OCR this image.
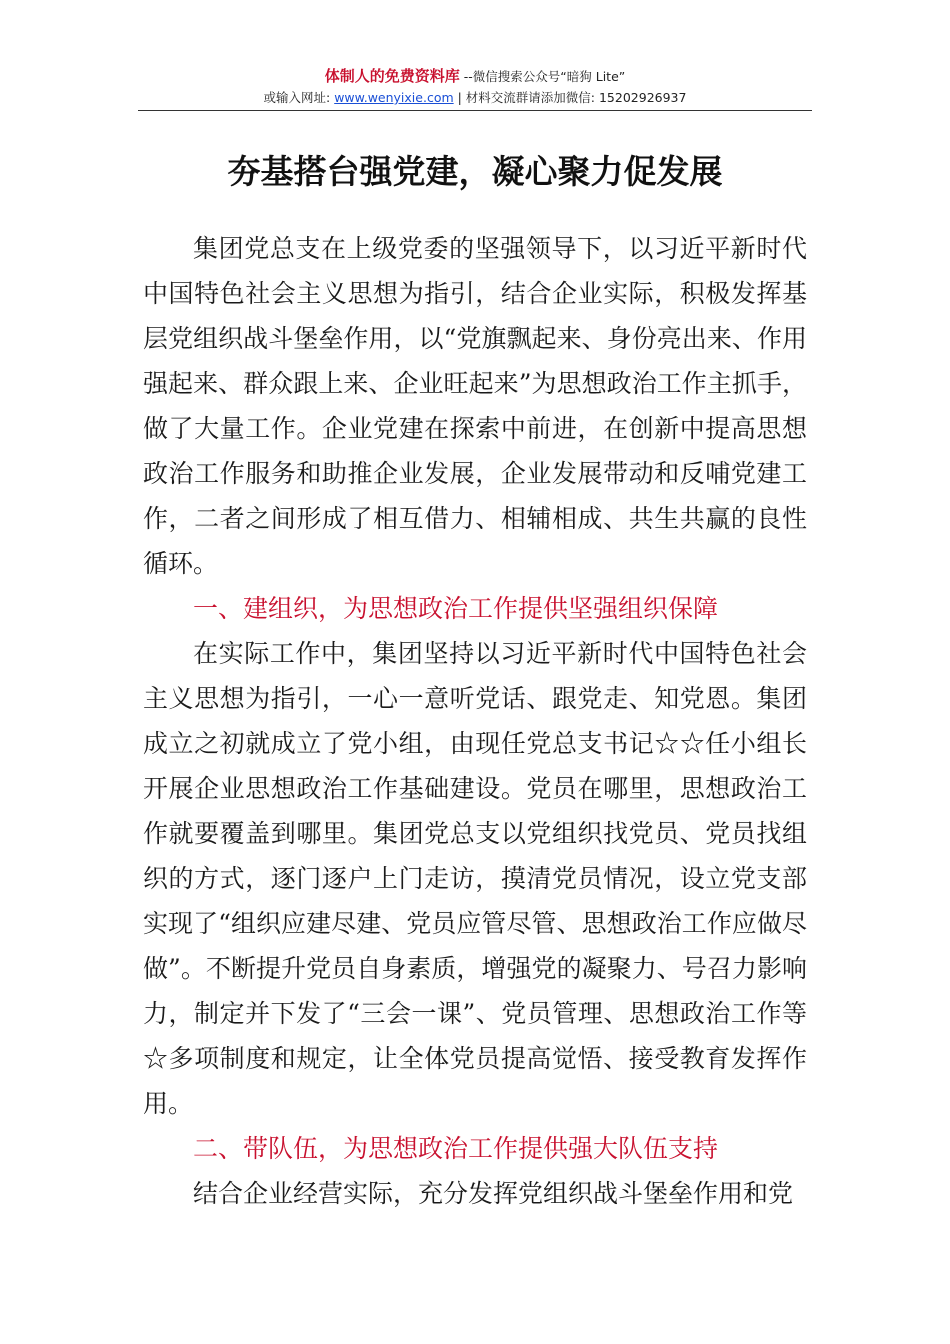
体制人的免费资料库 --微信搜索公众号“暗狗 Lite”
或输入网址: www.wenyixie.com | 材料交流群请添加微信: 15202926937
夯基搭台强党建，凝心聚力促发展

集团党总支在上级党委的坚强领导下，以习近平新时代中国特色社会主义思想为指引，结合企业实际，积极发挥基层党组织战斗堡垒作用，以“党旗飘起来、身份亮出来、作用强起来、群众跟上来、企业旺起来”为思想政治工作主抓手，做了大量工作。企业党建在探索中前进，在创新中提高思想政治工作服务和助推企业发展，企业发展带动和反哺党建工作，二者之间形成了相互借力、相辅相成、共生共赢的良性循环。

一、建组织，为思想政治工作提供坚强组织保障

在实际工作中，集团坚持以习近平新时代中国特色社会主义思想为指引，一心一意听党话、跟党走、知党恩。集团成立之初就成立了党小组，由现任党总支书记☆☆任小组长开展企业思想政治工作基础建设。党员在哪里，思想政治工作就要覆盖到哪里。集团党总支以党组织找党员、党员找组织的方式，逐门逐户上门走访，摸清党员情况，设立党支部实现了“组织应建尽建、党员应管尽管、思想政治工作应做尽做”。不断提升党员自身素质，增强党的凝聚力、号召力影响力，制定并下发了“三会一课”、党员管理、思想政治工作等☆多项制度和规定，让全体党员提高觉悟、接受教育发挥作用。

二、带队伍，为思想政治工作提供强大队伍支持

结合企业经营实际，充分发挥党组织战斗堡垒作用和党
